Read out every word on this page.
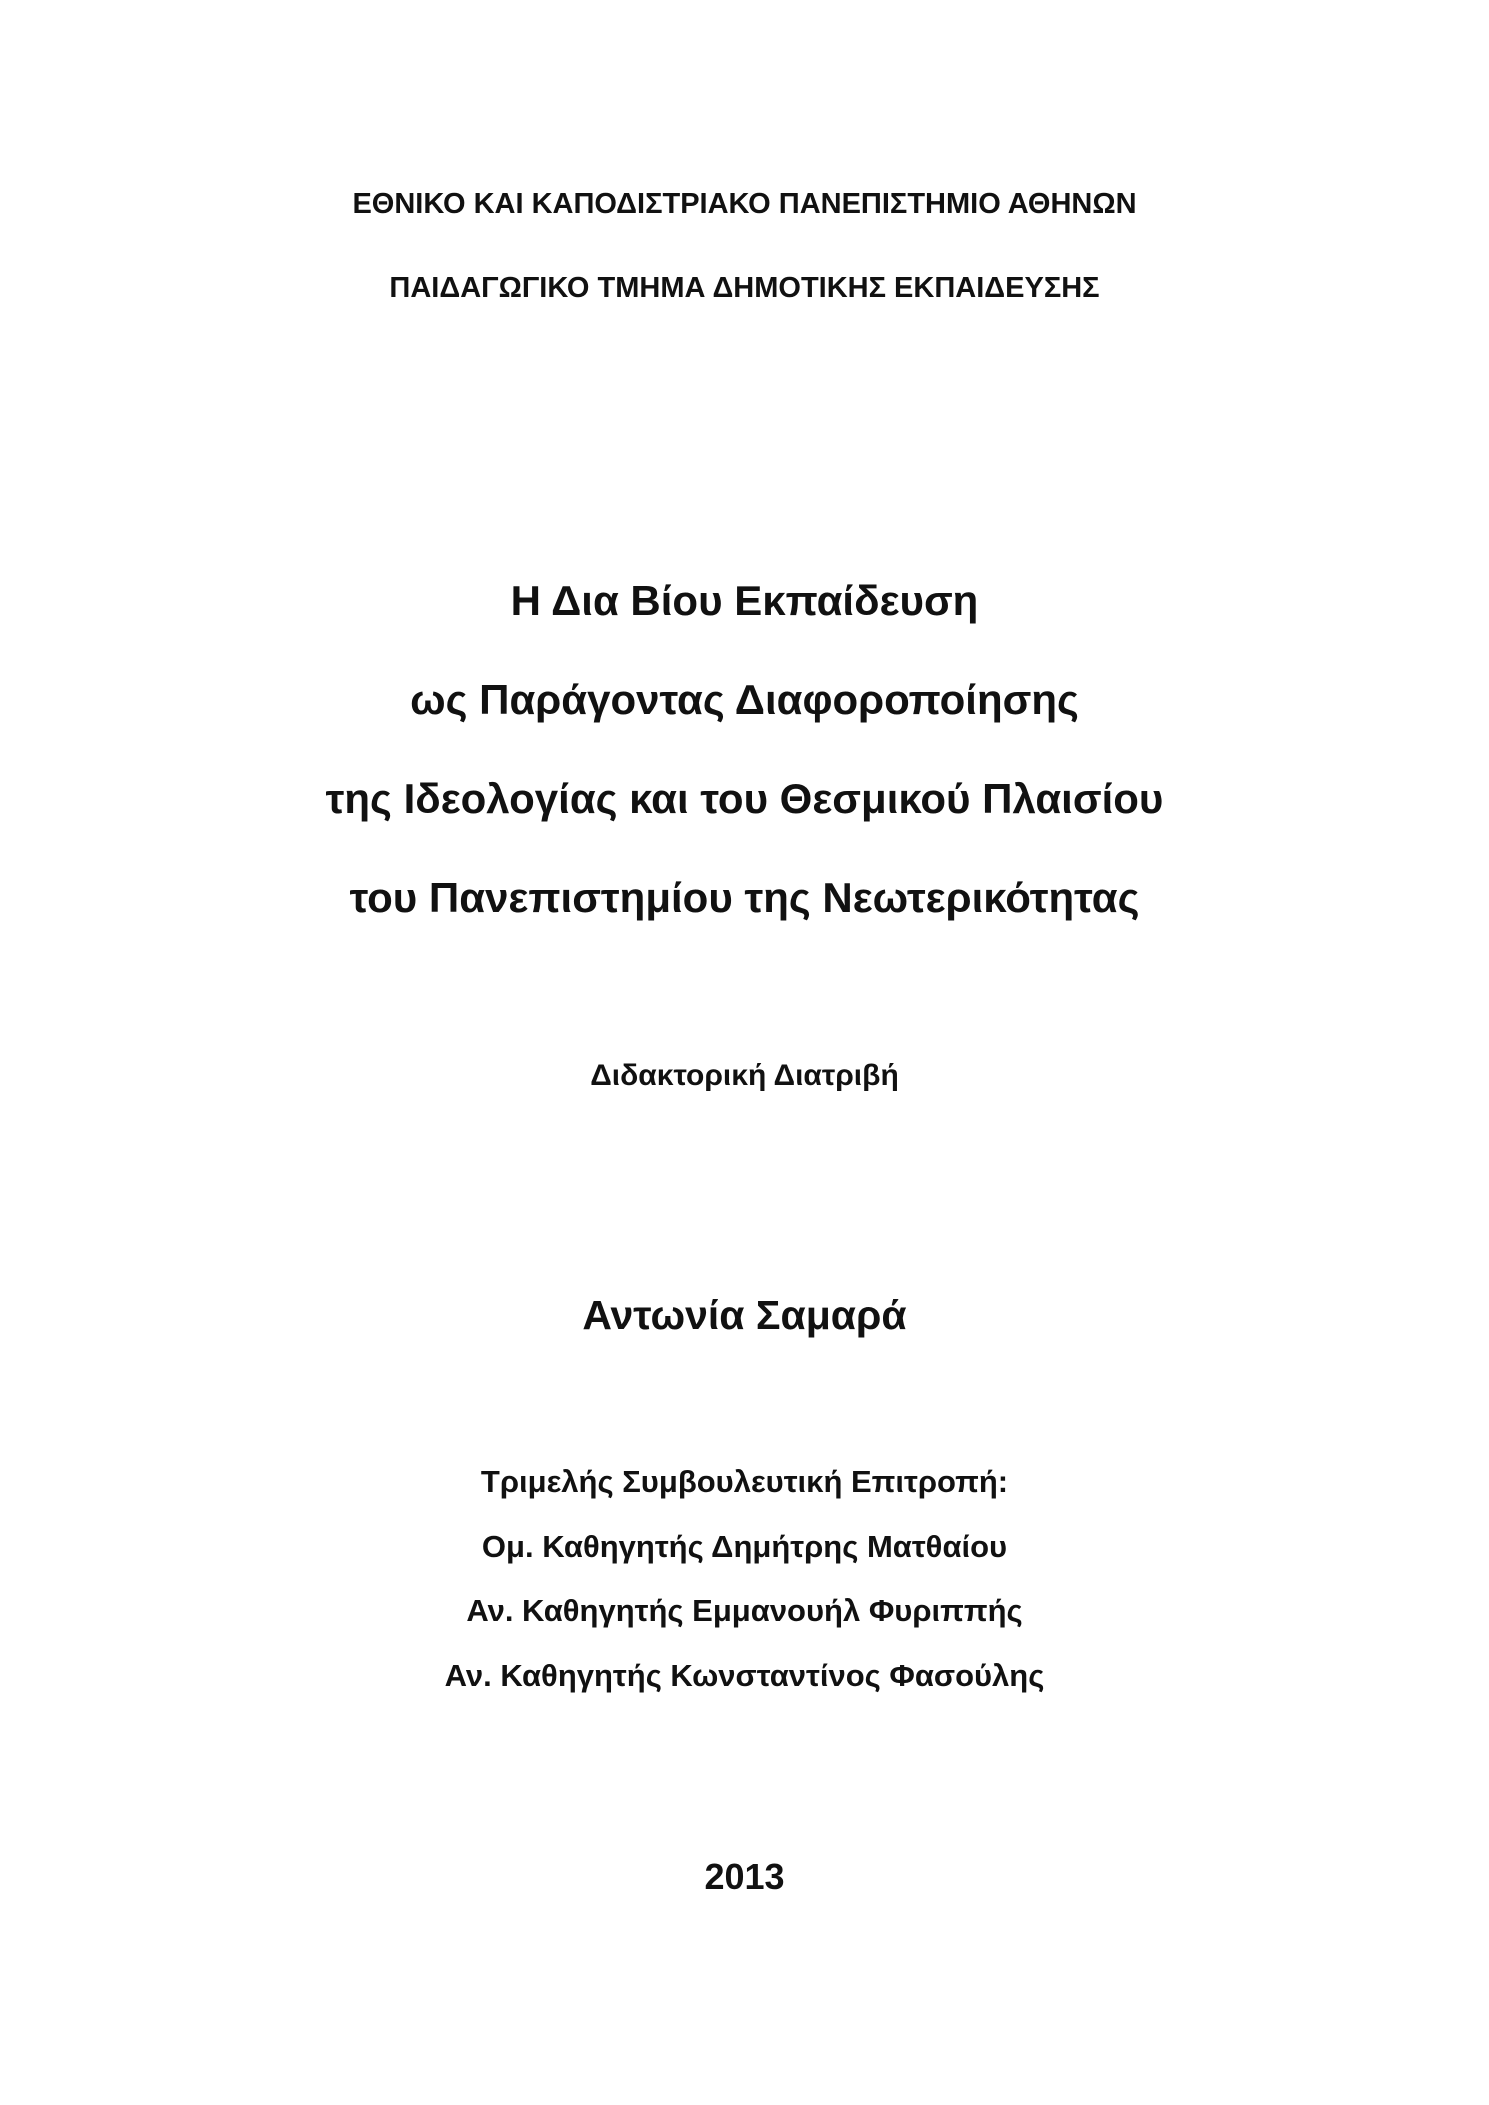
ΕΘΝΙΚΟ ΚΑΙ ΚΑΠΟΔΙΣΤΡΙΑΚΟ ΠΑΝΕΠΙΣΤΗΜΙΟ ΑΘΗΝΩΝ
ΠΑΙΔΑΓΩΓΙΚΟ ΤΜΗΜΑ ΔΗΜΟΤΙΚΗΣ ΕΚΠΑΙΔΕΥΣΗΣ
Η Δια Βίου Εκπαίδευση
ως Παράγοντας Διαφοροποίησης
της Ιδεολογίας και του Θεσμικού Πλαισίου
του Πανεπιστημίου της Νεωτερικότητας
Διδακτορική Διατριβή
Αντωνία Σαμαρά
Τριμελής Συμβουλευτική Επιτροπή:
Ομ. Καθηγητής Δημήτρης Ματθαίου
Αν. Καθηγητής Εμμανουήλ Φυριππής
Αν. Καθηγητής Κωνσταντίνος Φασούλης
2013
